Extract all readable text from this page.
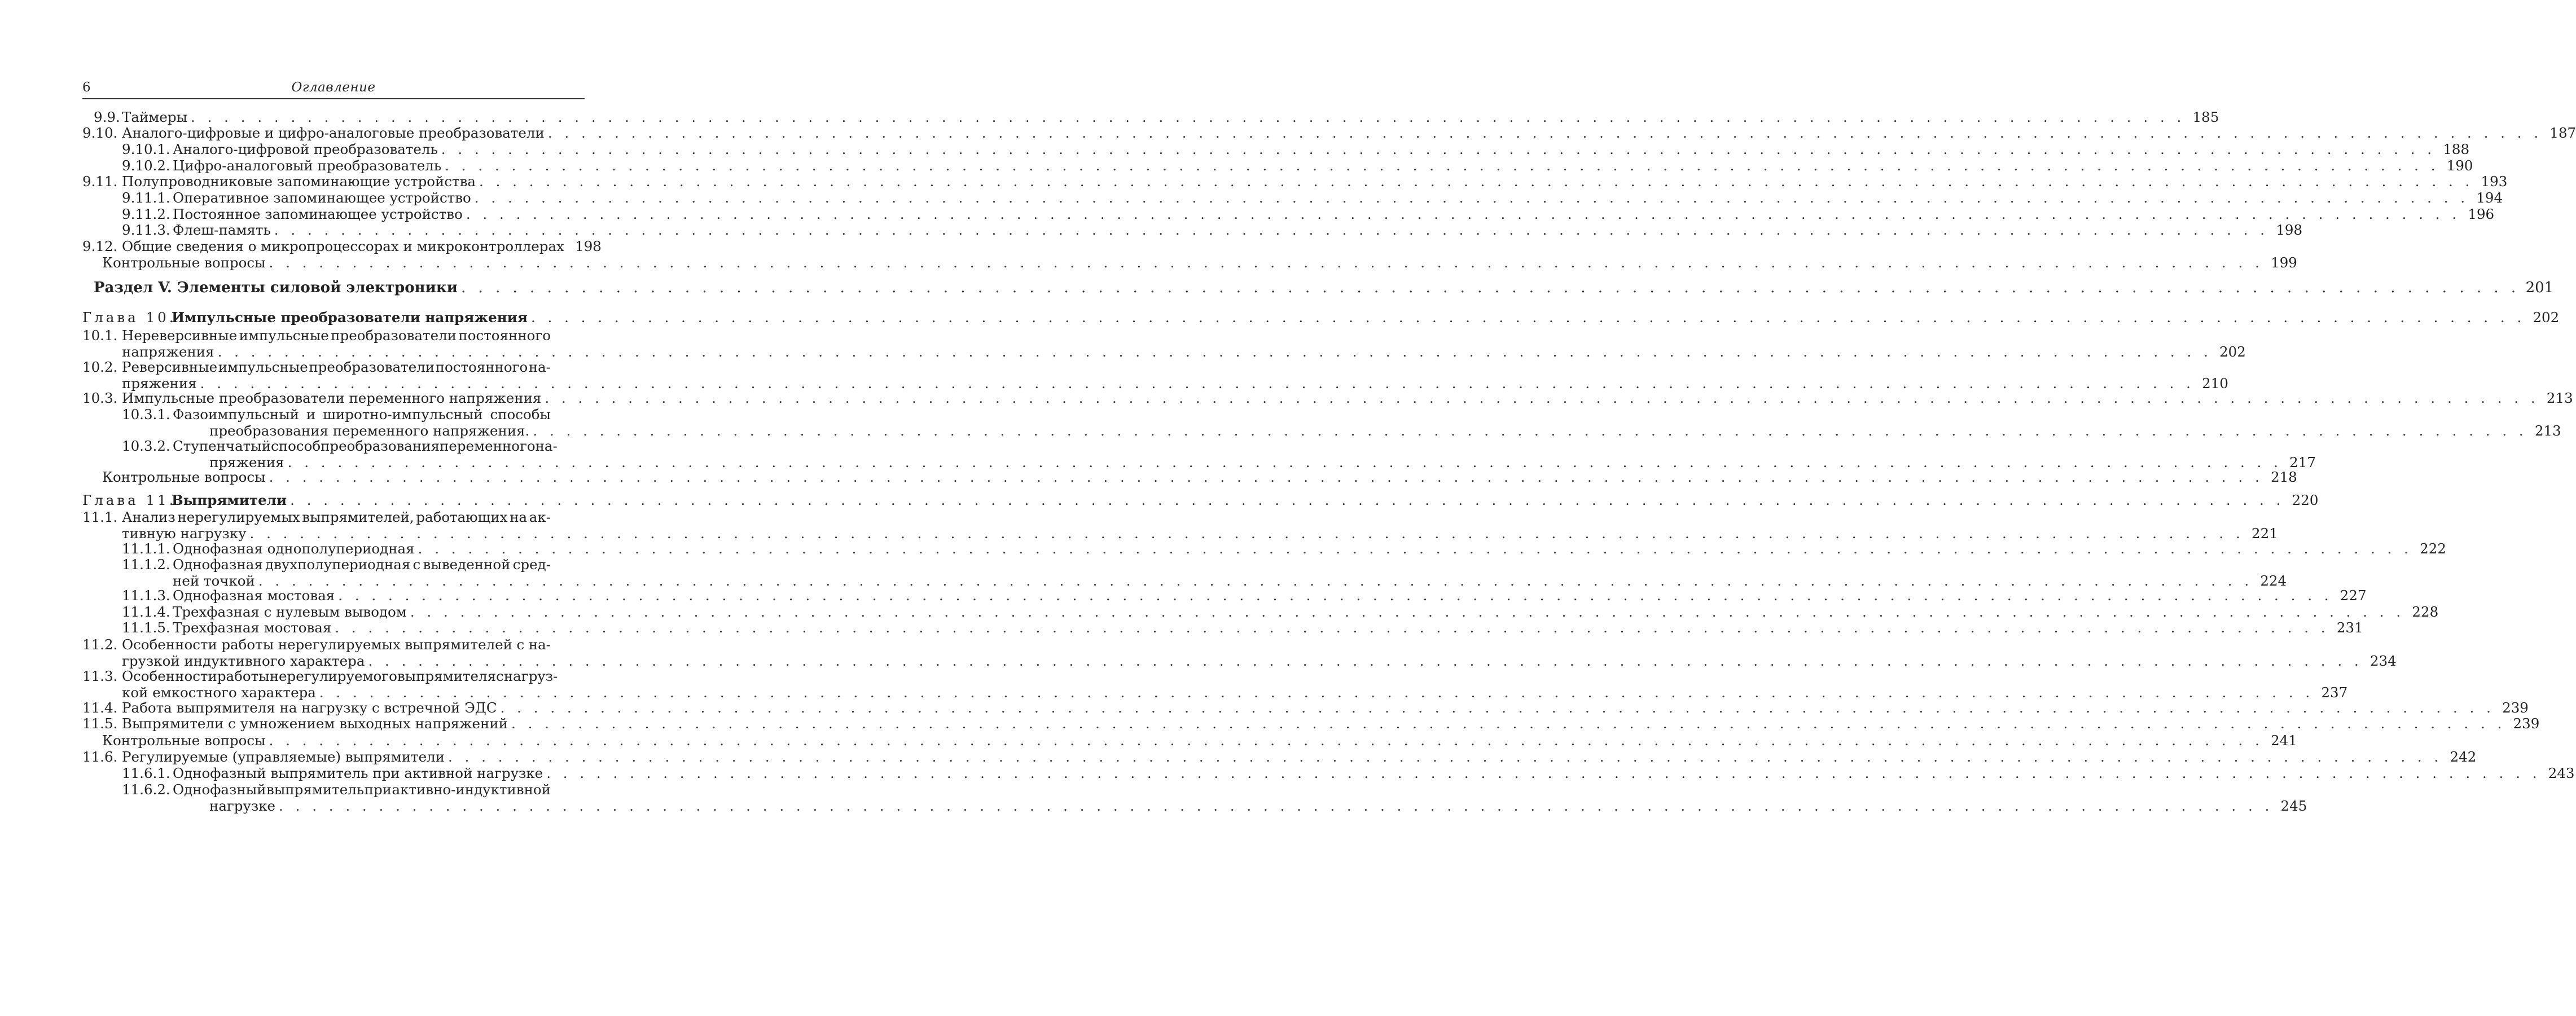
6	Оглавление
9.9. Таймеры . . . . . . . . . . . . . . . . . . . . . . . . . . . . . . . . . . . . . . . . . . . . . . . . . . . . . . . . . . . . . . . . . . . . . . . . . . . . . . . . . . . . . . . . . . . . . . . . . . . . . . . . . . . . . . . . . . . . . . . . 185
9.10. Аналого-цифровые и цифро-аналоговые преобразователи . . . . . . . . . . . . . . . . . . . . . . . . . . . . . . . . . . . . . . . . . . . . . . . . . . . . . . . . . . . . . . . . . . . . . . . . . . . . . . . . . . . . . . . . . . . . . . . . . . . . . . . . . . . . . . . . . . . . . . . . 187
9.10.1. Аналого-цифровой преобразователь . . . . . . . . . . . . . . . . . . . . . . . . . . . . . . . . . . . . . . . . . . . . . . . . . . . . . . . . . . . . . . . . . . . . . . . . . . . . . . . . . . . . . . . . . . . . . . . . . . . . . . . . . . . . . . . . . . . . . . . . 188
9.10.2. Цифро-аналоговый преобразователь . . . . . . . . . . . . . . . . . . . . . . . . . . . . . . . . . . . . . . . . . . . . . . . . . . . . . . . . . . . . . . . . . . . . . . . . . . . . . . . . . . . . . . . . . . . . . . . . . . . . . . . . . . . . . . . . . . . . . . . . 190
9.11. Полупроводниковые запоминающие устройства . . . . . . . . . . . . . . . . . . . . . . . . . . . . . . . . . . . . . . . . . . . . . . . . . . . . . . . . . . . . . . . . . . . . . . . . . . . . . . . . . . . . . . . . . . . . . . . . . . . . . . . . . . . . . . . . . . . . . . . . 193
9.11.1. Оперативное запоминающее устройство . . . . . . . . . . . . . . . . . . . . . . . . . . . . . . . . . . . . . . . . . . . . . . . . . . . . . . . . . . . . . . . . . . . . . . . . . . . . . . . . . . . . . . . . . . . . . . . . . . . . . . . . . . . . . . . . . . . . . . . . 194
9.11.2. Постоянное запоминающее устройство . . . . . . . . . . . . . . . . . . . . . . . . . . . . . . . . . . . . . . . . . . . . . . . . . . . . . . . . . . . . . . . . . . . . . . . . . . . . . . . . . . . . . . . . . . . . . . . . . . . . . . . . . . . . . . . . . . . . . . . . 196
9.11.3. Флеш-память . . . . . . . . . . . . . . . . . . . . . . . . . . . . . . . . . . . . . . . . . . . . . . . . . . . . . . . . . . . . . . . . . . . . . . . . . . . . . . . . . . . . . . . . . . . . . . . . . . . . . . . . . . . . . . . . . . . . . . . . 198
9.12. Общие сведения о микропроцессорах и микроконтроллерах 198
Контрольные вопросы . . . . . . . . . . . . . . . . . . . . . . . . . . . . . . . . . . . . . . . . . . . . . . . . . . . . . . . . . . . . . . . . . . . . . . . . . . . . . . . . . . . . . . . . . . . . . . . . . . . . . . . . . . . . . . . . . . . . . . . . 199
Раздел V. Элементы силовой электроники . . . . . . . . . . . . . . . . . . . . . . . . . . . . . . . . . . . . . . . . . . . . . . . . . . . . . . . . . . . . . . . . . . . . . . . . . . . . . . . . . . . . . . . . . . . . . . . . . . . . . . . . . . . . . . . . . . . . . . . . 201
Глава 10.
Импульсные преобразователи напряжения . . . . . . . . . . . . . . . . . . . . . . . . . . . . . . . . . . . . . . . . . . . . . . . . . . . . . . . . . . . . . . . . . . . . . . . . . . . . . . . . . . . . . . . . . . . . . . . . . . . . . . . . . . . . . . . . . . . . . . . . 202
10.1. Нереверсивные импульсные преобразователи постоянного
напряжения . . . . . . . . . . . . . . . . . . . . . . . . . . . . . . . . . . . . . . . . . . . . . . . . . . . . . . . . . . . . . . . . . . . . . . . . . . . . . . . . . . . . . . . . . . . . . . . . . . . . . . . . . . . . . . . . . . . . . . . . 202
10.2. Реверсивные импульсные преобразователи постоянного на-
пряжения . . . . . . . . . . . . . . . . . . . . . . . . . . . . . . . . . . . . . . . . . . . . . . . . . . . . . . . . . . . . . . . . . . . . . . . . . . . . . . . . . . . . . . . . . . . . . . . . . . . . . . . . . . . . . . . . . . . . . . . . 210
10.3. Импульсные преобразователи переменного напряжения . . . . . . . . . . . . . . . . . . . . . . . . . . . . . . . . . . . . . . . . . . . . . . . . . . . . . . . . . . . . . . . . . . . . . . . . . . . . . . . . . . . . . . . . . . . . . . . . . . . . . . . . . . . . . . . . . . . . . . . . 213
10.3.1. Фазоимпульсный и широтно-импульсный способы
преобразования переменного напряжения. . . . . . . . . . . . . . . . . . . . . . . . . . . . . . . . . . . . . . . . . . . . . . . . . . . . . . . . . . . . . . . . . . . . . . . . . . . . . . . . . . . . . . . . . . . . . . . . . . . . . . . . . . . . . . . . . . . . . . . . . 213
10.3.2. Ступенчатый способ преобразования переменного на-
пряжения . . . . . . . . . . . . . . . . . . . . . . . . . . . . . . . . . . . . . . . . . . . . . . . . . . . . . . . . . . . . . . . . . . . . . . . . . . . . . . . . . . . . . . . . . . . . . . . . . . . . . . . . . . . . . . . . . . . . . . . . 217
Контрольные вопросы . . . . . . . . . . . . . . . . . . . . . . . . . . . . . . . . . . . . . . . . . . . . . . . . . . . . . . . . . . . . . . . . . . . . . . . . . . . . . . . . . . . . . . . . . . . . . . . . . . . . . . . . . . . . . . . . . . . . . . . . 218
Глава 11.
Выпрямители . . . . . . . . . . . . . . . . . . . . . . . . . . . . . . . . . . . . . . . . . . . . . . . . . . . . . . . . . . . . . . . . . . . . . . . . . . . . . . . . . . . . . . . . . . . . . . . . . . . . . . . . . . . . . . . . . . . . . . . . 220
11.1. Анализ нерегулируемых выпрямителей, работающих на ак-
тивную нагрузку . . . . . . . . . . . . . . . . . . . . . . . . . . . . . . . . . . . . . . . . . . . . . . . . . . . . . . . . . . . . . . . . . . . . . . . . . . . . . . . . . . . . . . . . . . . . . . . . . . . . . . . . . . . . . . . . . . . . . . . . 221
11.1.1. Однофазная однополупериодная . . . . . . . . . . . . . . . . . . . . . . . . . . . . . . . . . . . . . . . . . . . . . . . . . . . . . . . . . . . . . . . . . . . . . . . . . . . . . . . . . . . . . . . . . . . . . . . . . . . . . . . . . . . . . . . . . . . . . . . . 222
11.1.2. Однофазная двухполупериодная с выведенной сред-
ней точкой . . . . . . . . . . . . . . . . . . . . . . . . . . . . . . . . . . . . . . . . . . . . . . . . . . . . . . . . . . . . . . . . . . . . . . . . . . . . . . . . . . . . . . . . . . . . . . . . . . . . . . . . . . . . . . . . . . . . . . . . 224
11.1.3. Однофазная мостовая . . . . . . . . . . . . . . . . . . . . . . . . . . . . . . . . . . . . . . . . . . . . . . . . . . . . . . . . . . . . . . . . . . . . . . . . . . . . . . . . . . . . . . . . . . . . . . . . . . . . . . . . . . . . . . . . . . . . . . . . 227
11.1.4. Трехфазная с нулевым выводом . . . . . . . . . . . . . . . . . . . . . . . . . . . . . . . . . . . . . . . . . . . . . . . . . . . . . . . . . . . . . . . . . . . . . . . . . . . . . . . . . . . . . . . . . . . . . . . . . . . . . . . . . . . . . . . . . . . . . . . . 228
11.1.5. Трехфазная мостовая . . . . . . . . . . . . . . . . . . . . . . . . . . . . . . . . . . . . . . . . . . . . . . . . . . . . . . . . . . . . . . . . . . . . . . . . . . . . . . . . . . . . . . . . . . . . . . . . . . . . . . . . . . . . . . . . . . . . . . . . 231
11.2. Особенности работы нерегулируемых выпрямителей с на-
грузкой индуктивного характера . . . . . . . . . . . . . . . . . . . . . . . . . . . . . . . . . . . . . . . . . . . . . . . . . . . . . . . . . . . . . . . . . . . . . . . . . . . . . . . . . . . . . . . . . . . . . . . . . . . . . . . . . . . . . . . . . . . . . . . . 234
11.3. Особенности работы нерегулируемого выпрямителя с нагруз-
кой емкостного характера . . . . . . . . . . . . . . . . . . . . . . . . . . . . . . . . . . . . . . . . . . . . . . . . . . . . . . . . . . . . . . . . . . . . . . . . . . . . . . . . . . . . . . . . . . . . . . . . . . . . . . . . . . . . . . . . . . . . . . . . 237
11.4. Работа выпрямителя на нагрузку с встречной ЭДС . . . . . . . . . . . . . . . . . . . . . . . . . . . . . . . . . . . . . . . . . . . . . . . . . . . . . . . . . . . . . . . . . . . . . . . . . . . . . . . . . . . . . . . . . . . . . . . . . . . . . . . . . . . . . . . . . . . . . . . . 239
11.5. Выпрямители с умножением выходных напряжений . . . . . . . . . . . . . . . . . . . . . . . . . . . . . . . . . . . . . . . . . . . . . . . . . . . . . . . . . . . . . . . . . . . . . . . . . . . . . . . . . . . . . . . . . . . . . . . . . . . . . . . . . . . . . . . . . . . . . . . . 239
Контрольные вопросы . . . . . . . . . . . . . . . . . . . . . . . . . . . . . . . . . . . . . . . . . . . . . . . . . . . . . . . . . . . . . . . . . . . . . . . . . . . . . . . . . . . . . . . . . . . . . . . . . . . . . . . . . . . . . . . . . . . . . . . . 241
11.6. Регулируемые (управляемые) выпрямители . . . . . . . . . . . . . . . . . . . . . . . . . . . . . . . . . . . . . . . . . . . . . . . . . . . . . . . . . . . . . . . . . . . . . . . . . . . . . . . . . . . . . . . . . . . . . . . . . . . . . . . . . . . . . . . . . . . . . . . . 242
11.6.1. Однофазный выпрямитель при активной нагрузке . . . . . . . . . . . . . . . . . . . . . . . . . . . . . . . . . . . . . . . . . . . . . . . . . . . . . . . . . . . . . . . . . . . . . . . . . . . . . . . . . . . . . . . . . . . . . . . . . . . . . . . . . . . . . . . . . . . . . . . . 243
11.6.2. Однофазный выпрямитель при активно-индуктивной
нагрузке . . . . . . . . . . . . . . . . . . . . . . . . . . . . . . . . . . . . . . . . . . . . . . . . . . . . . . . . . . . . . . . . . . . . . . . . . . . . . . . . . . . . . . . . . . . . . . . . . . . . . . . . . . . . . . . . . . . . . . . . 245
